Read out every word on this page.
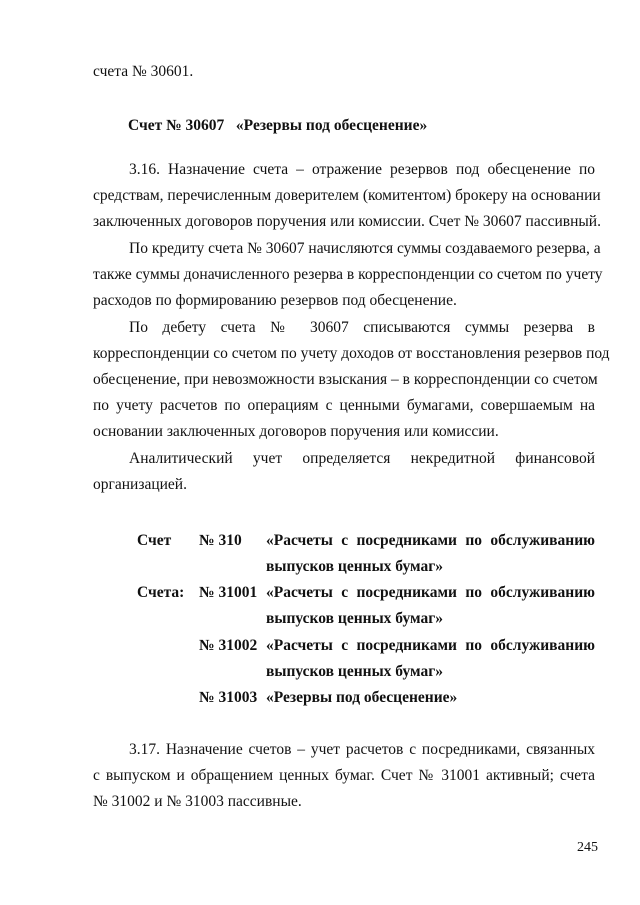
счета № 30601.
Счет № 30607   «Резервы под обесценение»
3.16. Назначение счета – отражение резервов под обесценение по
средствам, перечисленным доверителем (комитентом) брокеру на основании
заключенных договоров поручения или комиссии. Счет № 30607 пассивный.
По кредиту счета № 30607 начисляются суммы создаваемого резерва, а
также суммы доначисленного резерва в корреспонденции со счетом по учету
расходов по формированию резервов под обесценение.
По дебету счета № 30607 списываются суммы резерва в
корреспонденции со счетом по учету доходов от восстановления резервов под
обесценение, при невозможности взыскания – в корреспонденции со счетом
по учету расчетов по операциям с ценными бумагами, совершаемым на
основании заключенных договоров поручения или комиссии.
Аналитический учет определяется некредитной финансовой
организацией.
Счет № 310 «Расчеты с посредниками по обслуживанию
выпусков ценных бумаг»
Счета: № 31001 «Расчеты с посредниками по обслуживанию
выпусков ценных бумаг»
№ 31002 «Расчеты с посредниками по обслуживанию
выпусков ценных бумаг»
№ 31003 «Резервы под обесценение»
3.17. Назначение счетов – учет расчетов с посредниками, связанных
с выпуском и обращением ценных бумаг. Счет № 31001 активный; счета
№ 31002 и № 31003 пассивные.
245
